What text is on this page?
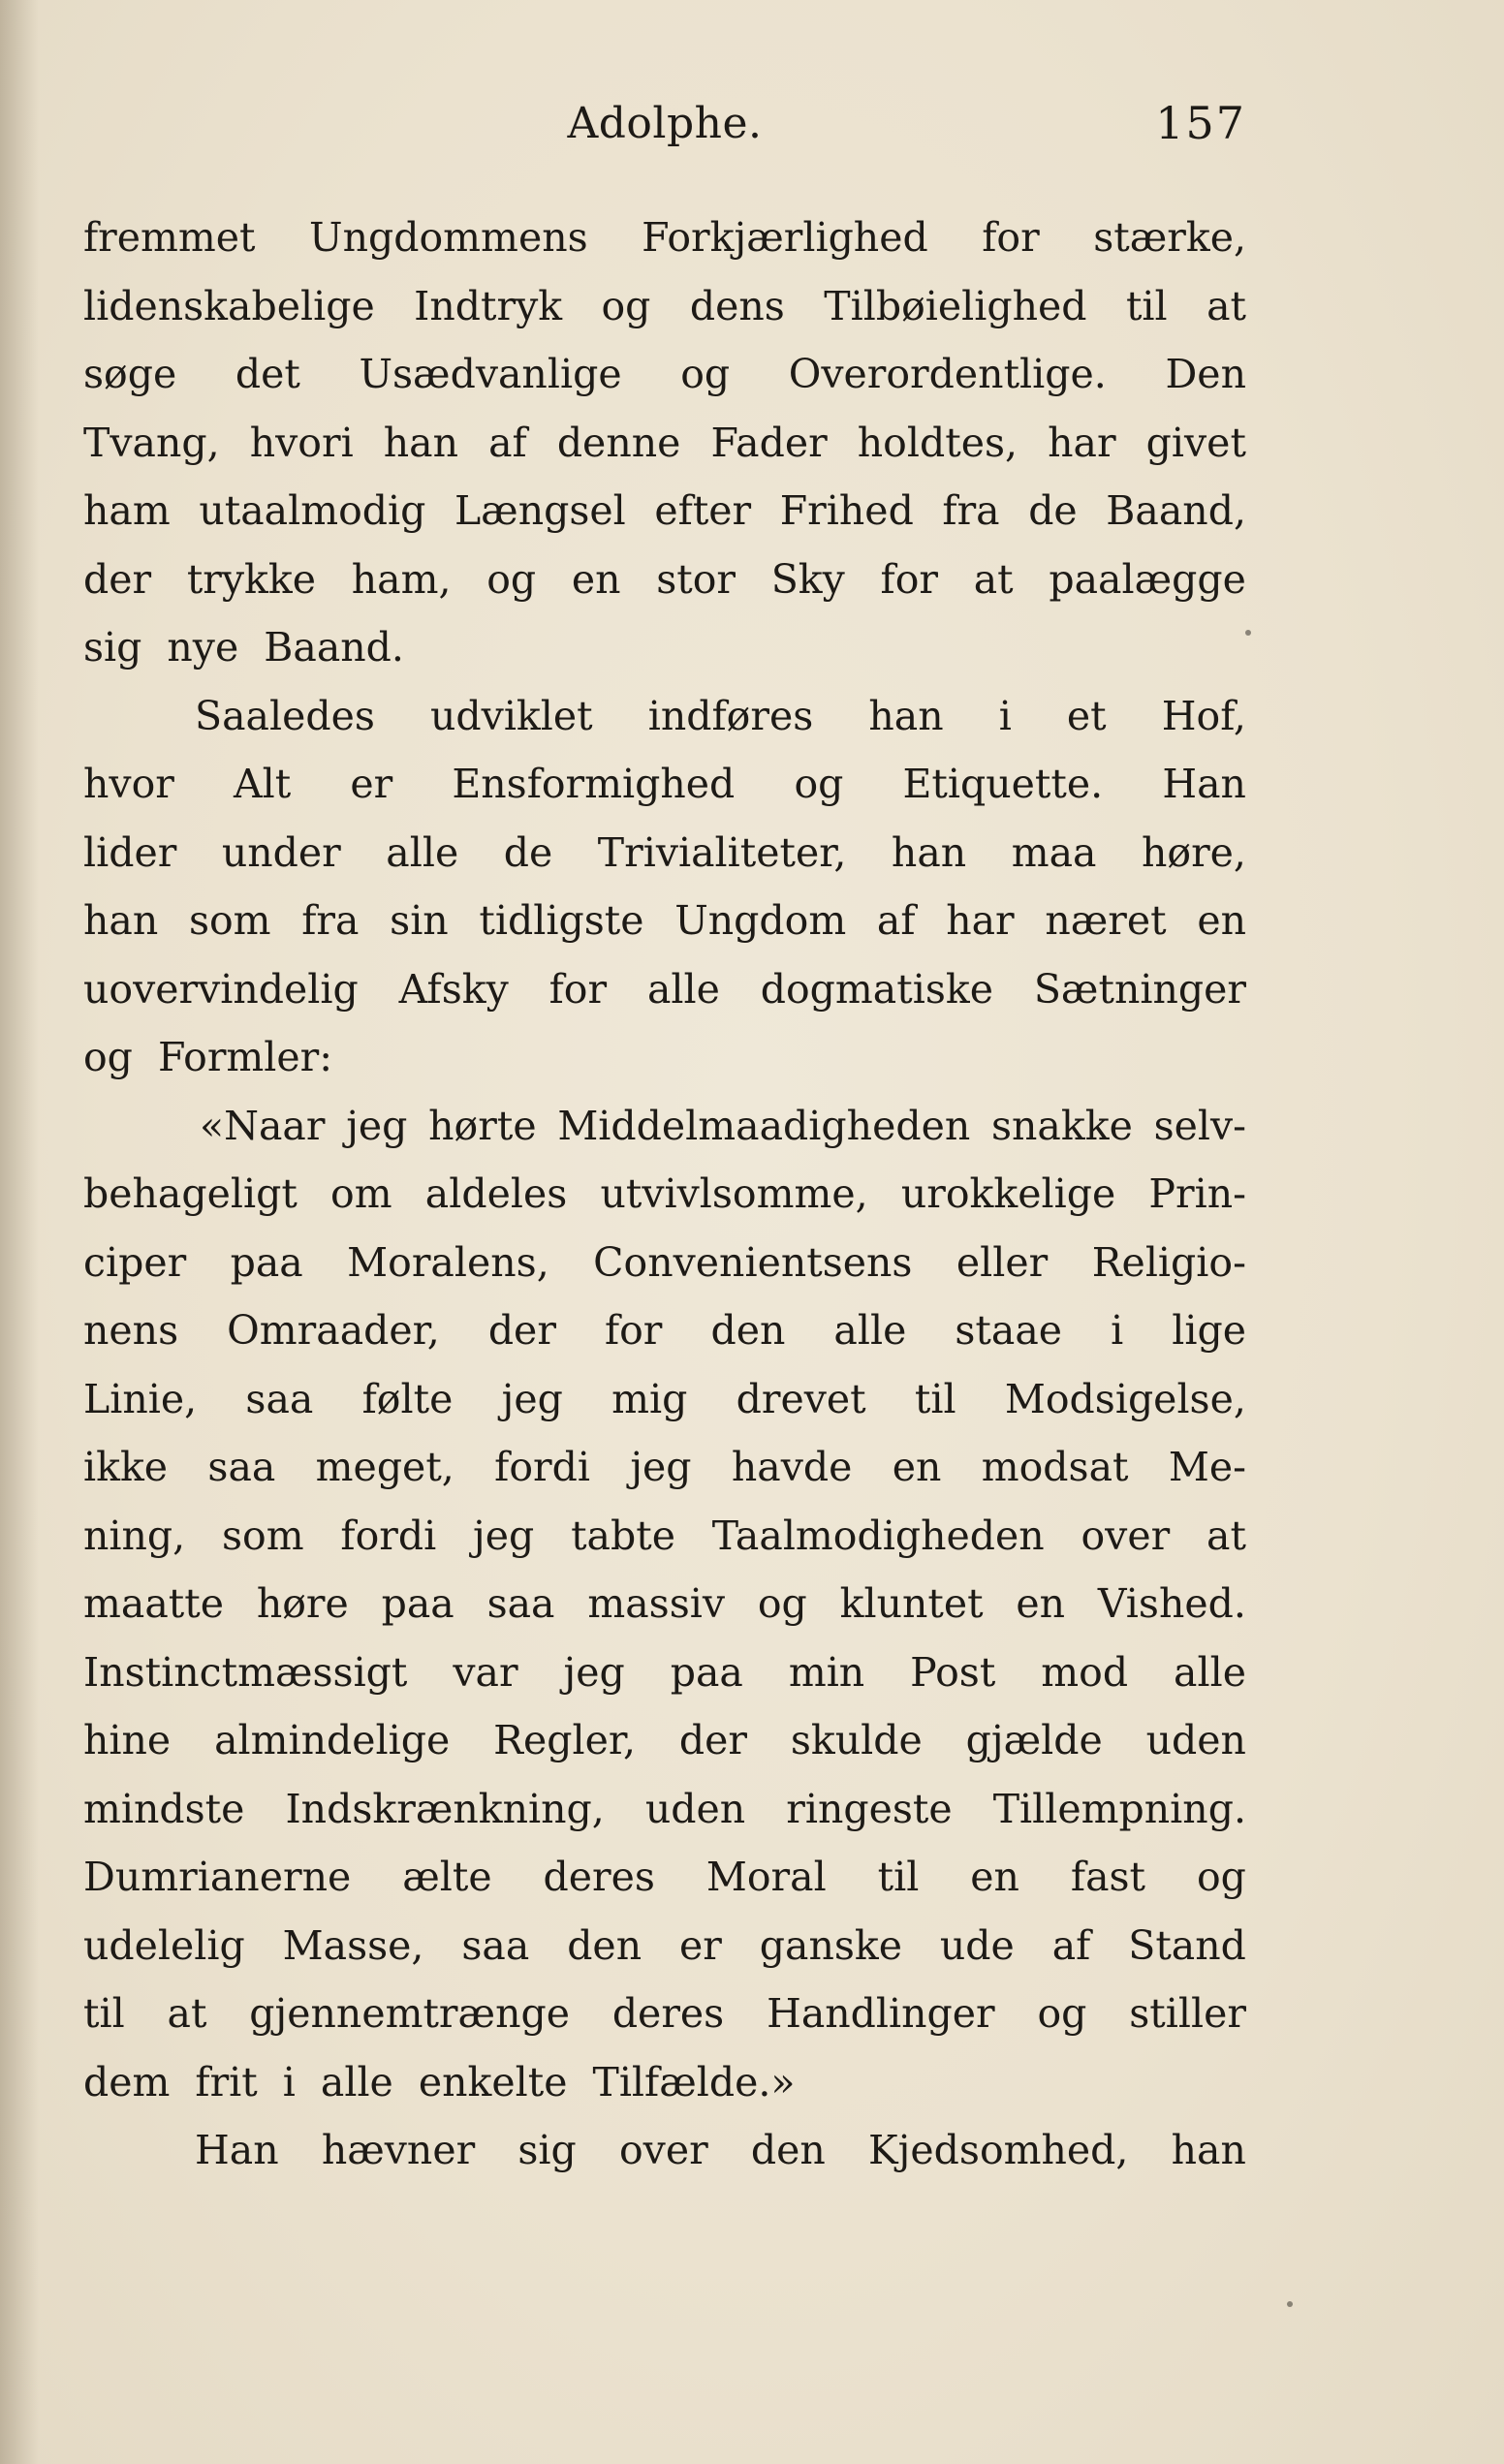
Adolphe.	157
fremmet Ungdommens Forkjærlighed for stærke,
lidenskabelige Indtryk og dens Tilbøielighed til at
søge det Usædvanlige og Overordentlige. Den
Tvang, hvori han af denne Fader holdtes, har givet
ham utaalmodig Længsel efter Frihed fra de Baand,
der trykke ham, og en stor Sky for at paalægge
sig nye Baand.
Saaledes udviklet indføres han i et Hof,
hvor Alt er Ensformighed og Etiquette. Han
lider under alle de Trivialiteter, han maa høre,
han som fra sin tidligste Ungdom af har næret en
uovervindelig Afsky for alle dogmatiske Sætninger
og Formler:
«Naar jeg hørte Middelmaadigheden snakke selv-
behageligt om aldeles utvivlsomme, urokkelige Prin-
ciper paa Moralens, Convenientsens eller Religio-
nens Omraader, der for den alle staae i lige
Linie, saa følte jeg mig drevet til Modsigelse,
ikke saa meget, fordi jeg havde en modsat Me-
ning, som fordi jeg tabte Taalmodigheden over at
maatte høre paa saa massiv og kluntet en Vished.
Instinctmæssigt var jeg paa min Post mod alle
hine almindelige Regler, der skulde gjælde uden
mindste Indskrænkning, uden ringeste Tillempning.
Dumrianerne ælte deres Moral til en fast og
udelelig Masse, saa den er ganske ude af Stand
til at gjennemtrænge deres Handlinger og stiller
dem frit i alle enkelte Tilfælde.»
Han hævner sig over den Kjedsomhed, han
